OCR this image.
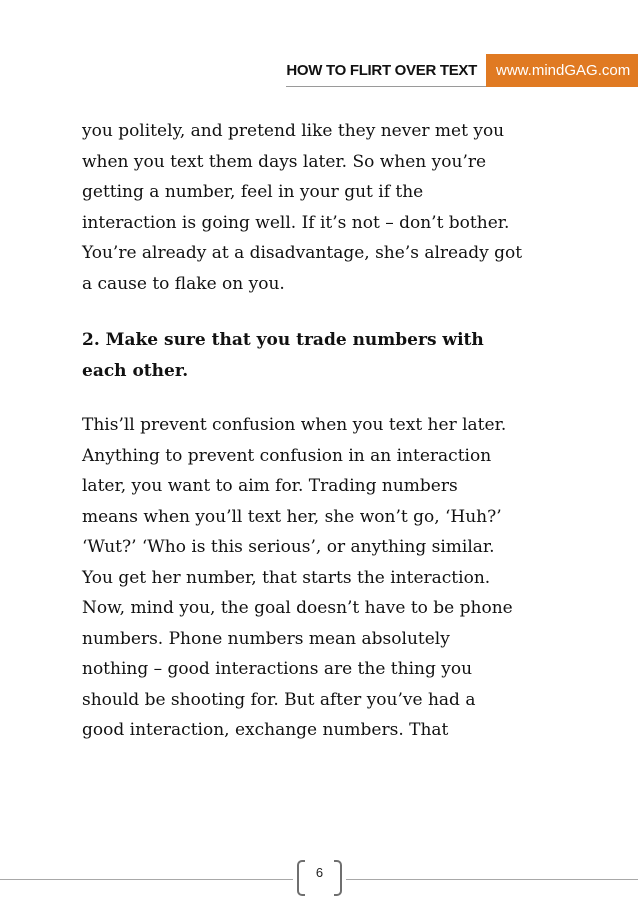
HOW TO FLIRT OVER TEXT	www.mindGAG.com

you politely, and pretend like they never met you

when you text them days later. So when you’re

getting a number, feel in your gut if the

interaction is going well. If it’s not – don’t bother.

You’re already at a disadvantage, she’s already got

a cause to flake on you.

2. Make sure that you trade numbers with

each other.

This’ll prevent confusion when you text her later.

Anything to prevent confusion in an interaction

later, you want to aim for. Trading numbers

means when you’ll text her, she won’t go, ‘Huh?’

‘Wut?’ ‘Who is this serious’, or anything similar.

You get her number, that starts the interaction.

Now, mind you, the goal doesn’t have to be phone

numbers. Phone numbers mean absolutely

nothing – good interactions are the thing you

should be shooting for. But after you’ve had a

good interaction, exchange numbers. That

6
